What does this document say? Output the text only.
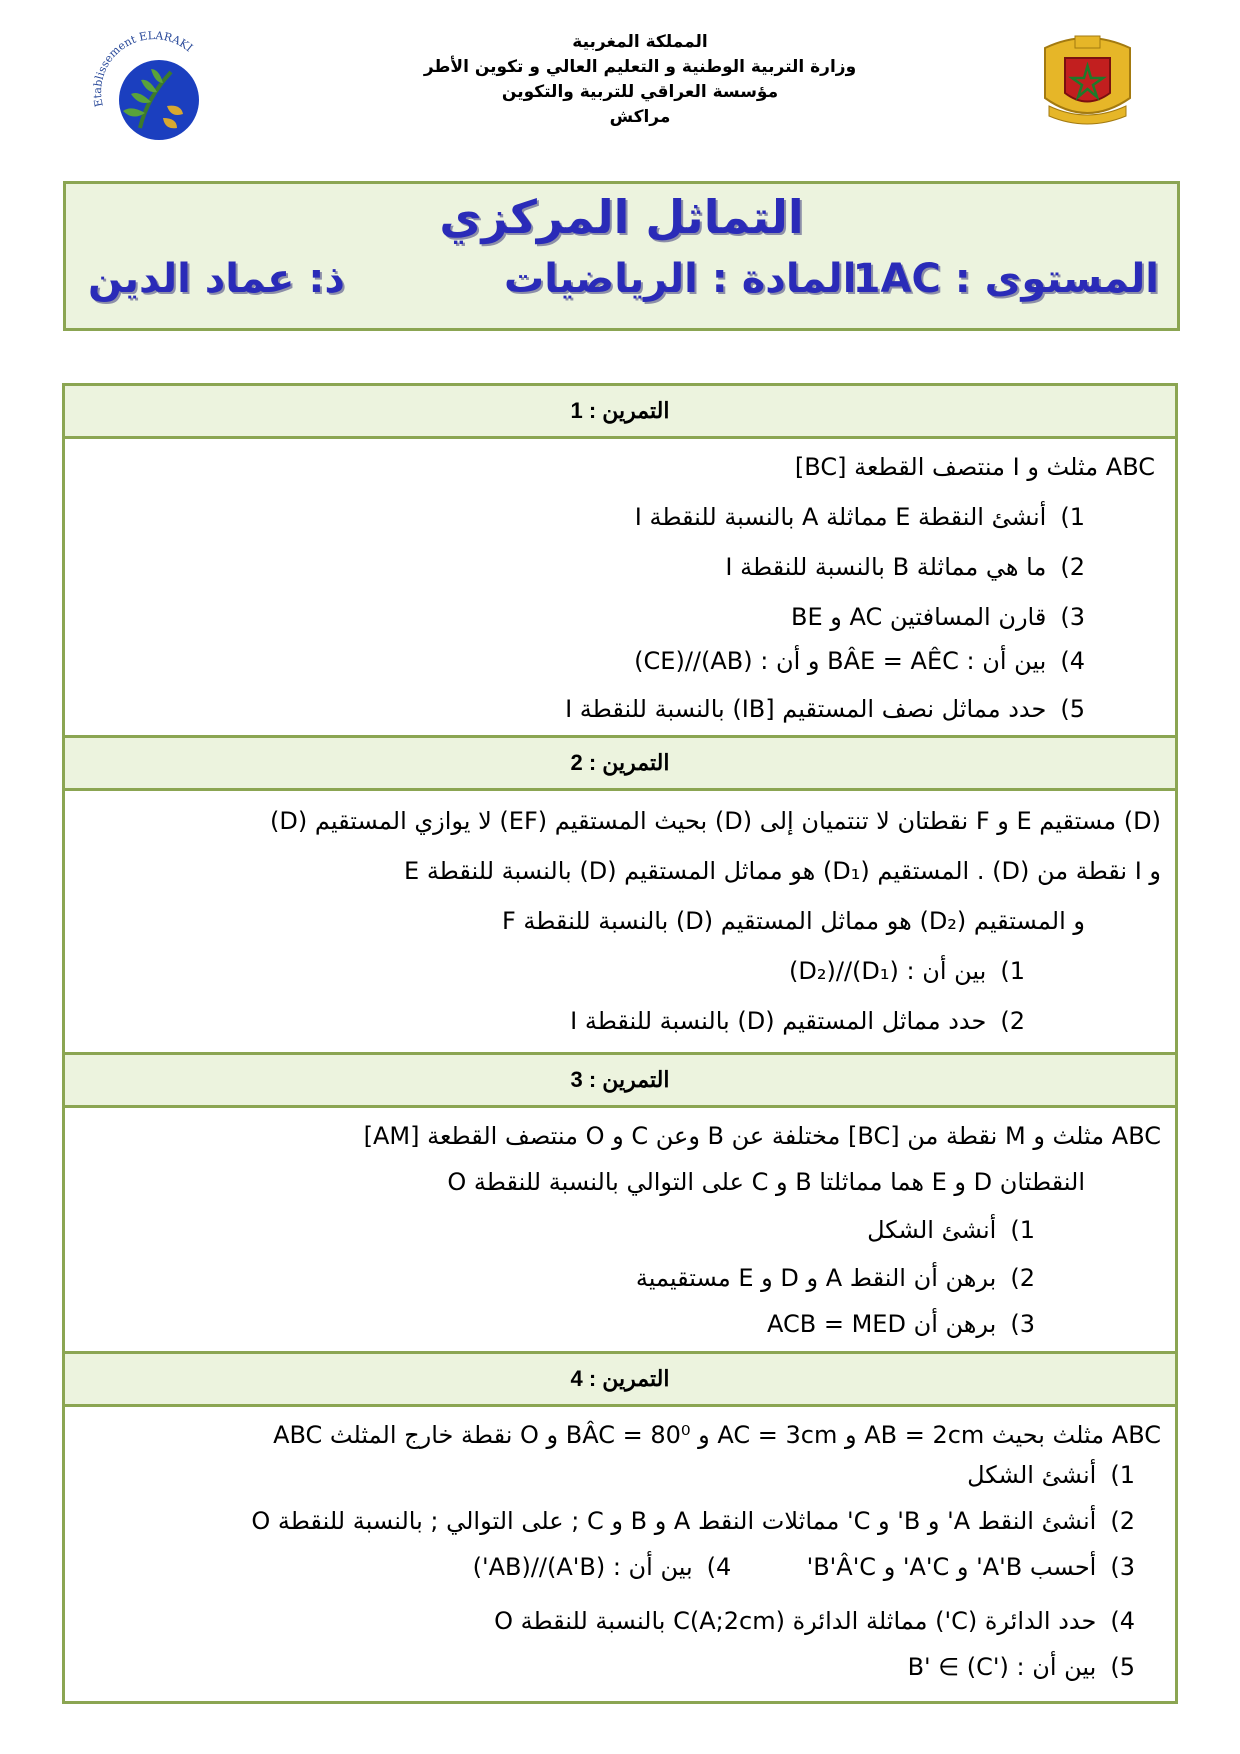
Etablissement ELARAKI	المملكة المغربية
وزارة التربية الوطنية و التعليم العالي و تكوين الأطر
مؤسسة العراقي للتربية والتكوين
مراكش
التماثل المركزي
المستوى : 1AC
المادة : الرياضيات
ذ: عماد الدين
التمرين : 1
ABC مثلث و I منتصف القطعة [BC]
1)أنشئ النقطة E مماثلة A بالنسبة للنقطة I
2)ما هي مماثلة B بالنسبة للنقطة I
3)قارن المسافتين AC و BE
4)بين أن : BÂE = AÊC و أن : (AB)//(CE)
5)حدد مماثل نصف المستقيم [IB) بالنسبة للنقطة I
التمرين : 2
(D) مستقيم E و F نقطتان لا تنتميان إلى (D) بحيث المستقيم (EF) لا يوازي المستقيم (D)
و I نقطة من (D) . المستقيم (D₁) هو مماثل المستقيم (D) بالنسبة للنقطة E
و المستقيم (D₂) هو مماثل المستقيم (D) بالنسبة للنقطة F
1)بين أن : (D₁)//(D₂)
2)حدد مماثل المستقيم (D) بالنسبة للنقطة I
التمرين : 3
ABC مثلث و M نقطة من [BC] مختلفة عن B وعن C و O منتصف القطعة [AM]
النقطتان D و E هما مماثلتا B و C على التوالي بالنسبة للنقطة O
1)أنشئ الشكل
2)برهن أن النقط A و D و E مستقيمية
3)برهن أن ACB = MED
التمرين : 4
ABC مثلث بحيث AB = 2cm و AC = 3cm و BÂC = 80⁰ و O نقطة خارج المثلث ABC
1)أنشئ الشكل
2)أنشئ النقط A' و B' و C' مماثلات النقط A و B و C ; على التوالي ; بالنسبة للنقطة O
3)أحسب A'B' و A'C' و B'Â'C'  4)بين أن : (A'B)//(AB')
4)حدد الدائرة (C') مماثلة الدائرة C(A;2cm) بالنسبة للنقطة O
5)بين أن : B' ∈ (C')
